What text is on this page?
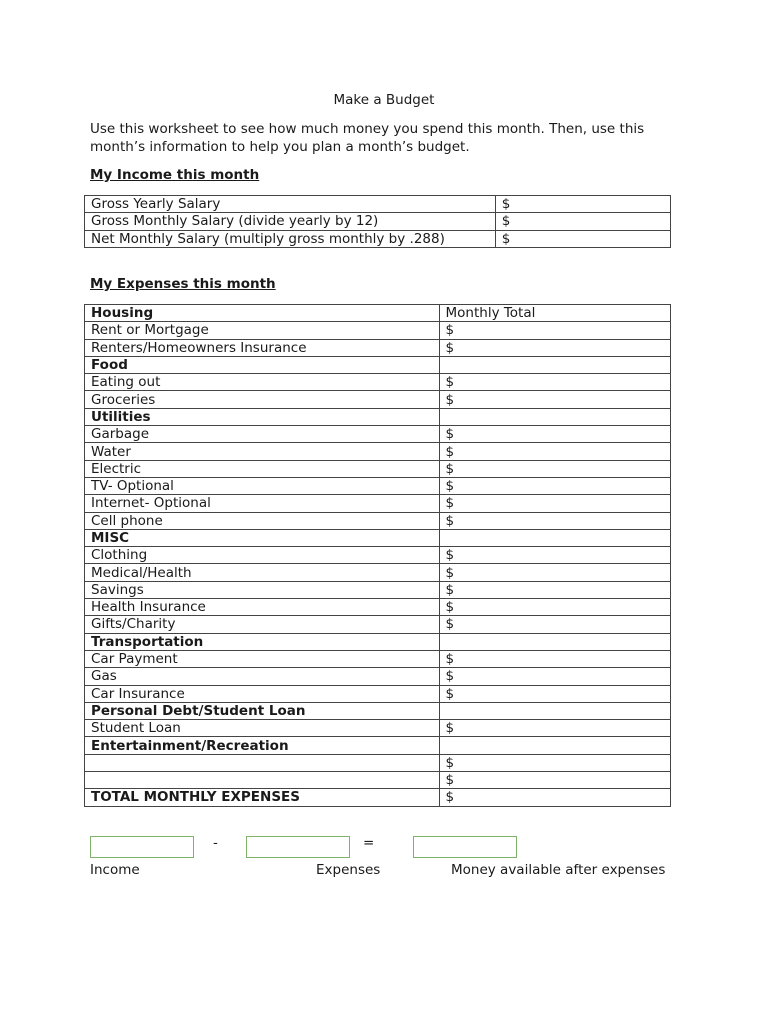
Make a Budget
Use this worksheet to see how much money you spend this month. Then, use this month’s information to help you plan a month’s budget.
My Income this month
Gross Yearly Salary	$
Gross Monthly Salary (divide yearly by 12)	$
Net Monthly Salary (multiply gross monthly by .288)	$
My Expenses this month
Housing	Monthly Total
Rent or Mortgage	$
Renters/Homeowners Insurance	$
Food	
Eating out	$
Groceries	$
Utilities	
Garbage	$
Water	$
Electric	$
TV- Optional	$
Internet- Optional	$
Cell phone	$
MISC	
Clothing	$
Medical/Health	$
Savings	$
Health Insurance	$
Gifts/Charity	$
Transportation	
Car Payment	$
Gas	$
Car Insurance	$
Personal Debt/Student Loan	
Student Loan	$
Entertainment/Recreation	
	$
	$
TOTAL MONTHLY EXPENSES	$
-	=
Income	Expenses	Money available after expenses
